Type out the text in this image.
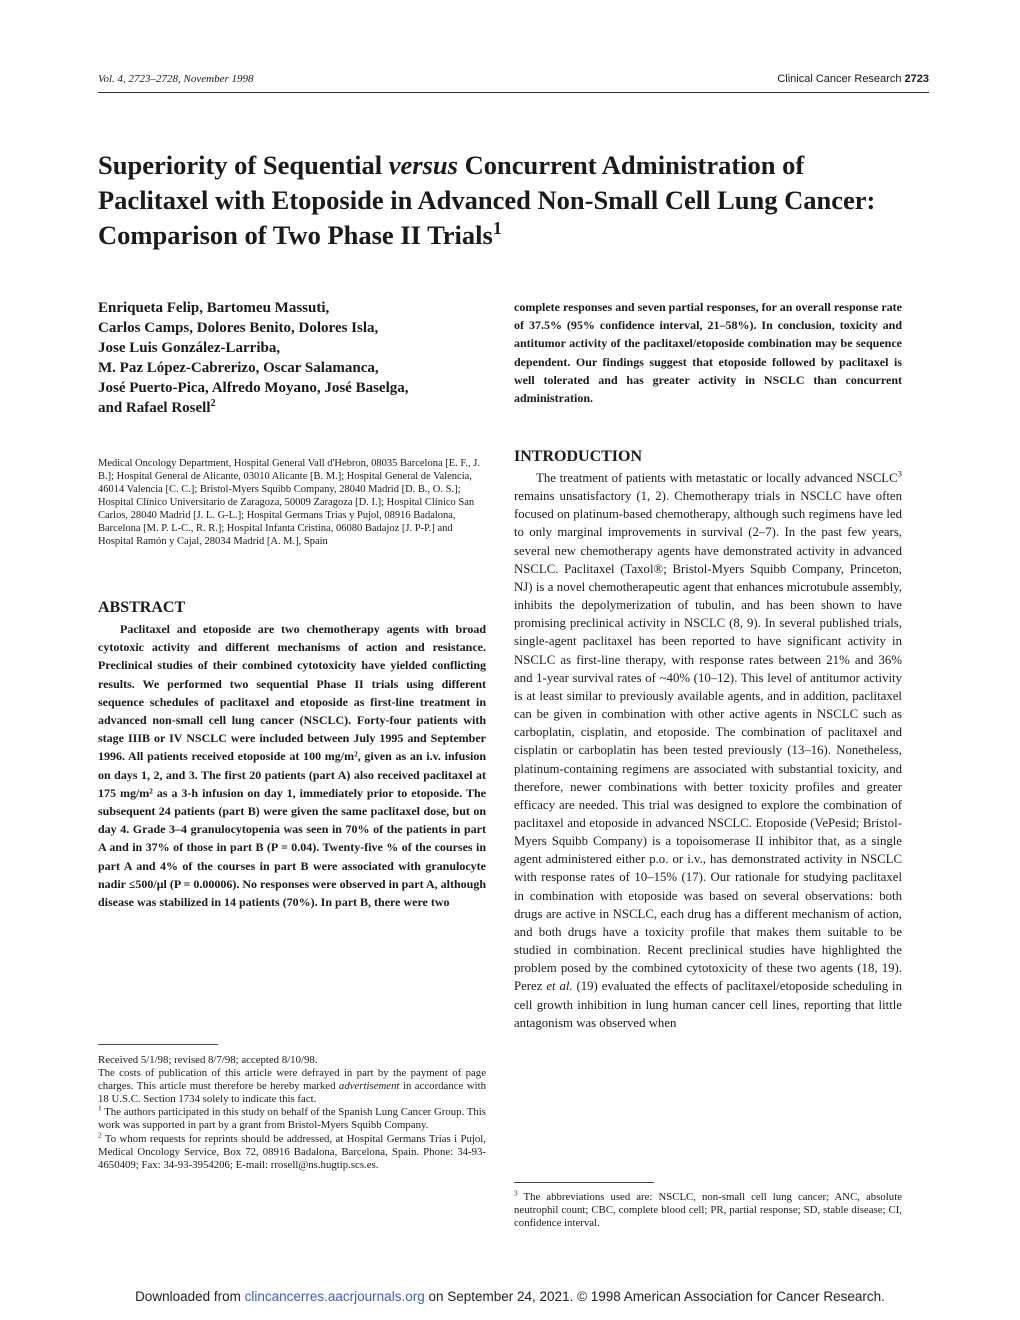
Vol. 4, 2723–2728, November 1998	Clinical Cancer Research 2723
Superiority of Sequential versus Concurrent Administration of Paclitaxel with Etoposide in Advanced Non-Small Cell Lung Cancer: Comparison of Two Phase II Trials$^1$
Enriqueta Felip, Bartomeu Massuti,
Carlos Camps, Dolores Benito, Dolores Isla,
Jose Luis González-Larriba,
M. Paz López-Cabrerizo, Oscar Salamanca,
José Puerto-Pica, Alfredo Moyano, José Baselga,
and Rafael Rosell$^2$
Medical Oncology Department, Hospital General Vall d'Hebron, 08035 Barcelona [E. F., J. B.]; Hospital General de Alicante, 03010 Alicante [B. M.]; Hospital General de Valencia, 46014 Valencia [C. C.]; Bristol-Myers Squibb Company, 28040 Madrid [D. B., O. S.]; Hospital Clínico Universitario de Zaragoza, 50009 Zaragoza [D. I.]; Hospital Clínico San Carlos, 28040 Madrid [J. L. G-L.]; Hospital Germans Trias y Pujol, 08916 Badalona, Barcelona [M. P. L-C., R. R.]; Hospital Infanta Cristina, 06080 Badajoz [J. P-P.] and Hospital Ramón y Cajal, 28034 Madrid [A. M.], Spain
ABSTRACT
Paclitaxel and etoposide are two chemotherapy agents with broad cytotoxic activity and different mechanisms of action and resistance. Preclinical studies of their combined cytotoxicity have yielded conflicting results. We performed two sequential Phase II trials using different sequence schedules of paclitaxel and etoposide as first-line treatment in advanced non-small cell lung cancer (NSCLC). Forty-four patients with stage IIIB or IV NSCLC were included between July 1995 and September 1996. All patients received etoposide at 100 mg/m², given as an i.v. infusion on days 1, 2, and 3. The first 20 patients (part A) also received paclitaxel at 175 mg/m² as a 3-h infusion on day 1, immediately prior to etoposide. The subsequent 24 patients (part B) were given the same paclitaxel dose, but on day 4. Grade 3–4 granulocytopenia was seen in 70% of the patients in part A and in 37% of those in part B (P = 0.04). Twenty-five % of the courses in part A and 4% of the courses in part B were associated with granulocyte nadir ≤500/μl (P = 0.00006). No responses were observed in part A, although disease was stabilized in 14 patients (70%). In part B, there were two
complete responses and seven partial responses, for an overall response rate of 37.5% (95% confidence interval, 21–58%). In conclusion, toxicity and antitumor activity of the paclitaxel/etoposide combination may be sequence dependent. Our findings suggest that etoposide followed by paclitaxel is well tolerated and has greater activity in NSCLC than concurrent administration.
INTRODUCTION
The treatment of patients with metastatic or locally advanced NSCLC$^3$ remains unsatisfactory (1, 2). Chemotherapy trials in NSCLC have often focused on platinum-based chemotherapy, although such regimens have led to only marginal improvements in survival (2–7). In the past few years, several new chemotherapy agents have demonstrated activity in advanced NSCLC. Paclitaxel (Taxol®; Bristol-Myers Squibb Company, Princeton, NJ) is a novel chemotherapeutic agent that enhances microtubule assembly, inhibits the depolymerization of tubulin, and has been shown to have promising preclinical activity in NSCLC (8, 9). In several published trials, single-agent paclitaxel has been reported to have significant activity in NSCLC as first-line therapy, with response rates between 21% and 36% and 1-year survival rates of ~40% (10–12). This level of antitumor activity is at least similar to previously available agents, and in addition, paclitaxel can be given in combination with other active agents in NSCLC such as carboplatin, cisplatin, and etoposide. The combination of paclitaxel and cisplatin or carboplatin has been tested previously (13–16). Nonetheless, platinum-containing regimens are associated with substantial toxicity, and therefore, newer combinations with better toxicity profiles and greater efficacy are needed. This trial was designed to explore the combination of paclitaxel and etoposide in advanced NSCLC. Etoposide (VePesid; Bristol-Myers Squibb Company) is a topoisomerase II inhibitor that, as a single agent administered either p.o. or i.v., has demonstrated activity in NSCLC with response rates of 10–15% (17). Our rationale for studying paclitaxel in combination with etoposide was based on several observations: both drugs are active in NSCLC, each drug has a different mechanism of action, and both drugs have a toxicity profile that makes them suitable to be studied in combination. Recent preclinical studies have highlighted the problem posed by the combined cytotoxicity of these two agents (18, 19). Perez et al. (19) evaluated the effects of paclitaxel/etoposide scheduling in cell growth inhibition in lung human cancer cell lines, reporting that little antagonism was observed when

Received 5/1/98; revised 8/7/98; accepted 8/10/98.

The costs of publication of this article were defrayed in part by the payment of page charges. This article must therefore be hereby marked advertisement in accordance with 18 U.S.C. Section 1734 solely to indicate this fact.

$^1$ The authors participated in this study on behalf of the Spanish Lung Cancer Group. This work was supported in part by a grant from Bristol-Myers Squibb Company.

$^2$ To whom requests for reprints should be addressed, at Hospital Germans Trias i Pujol, Medical Oncology Service, Box 72, 08916 Badalona, Barcelona, Spain. Phone: 34-93-4650409; Fax: 34-93-3954206; E-mail: rrosell@ns.hugtip.scs.es.

$^3$ The abbreviations used are: NSCLC, non-small cell lung cancer; ANC, absolute neutrophil count; CBC, complete blood cell; PR, partial response; SD, stable disease; CI, confidence interval.
Downloaded from clincancerres.aacrjournals.org on September 24, 2021. © 1998 American Association for Cancer Research.
